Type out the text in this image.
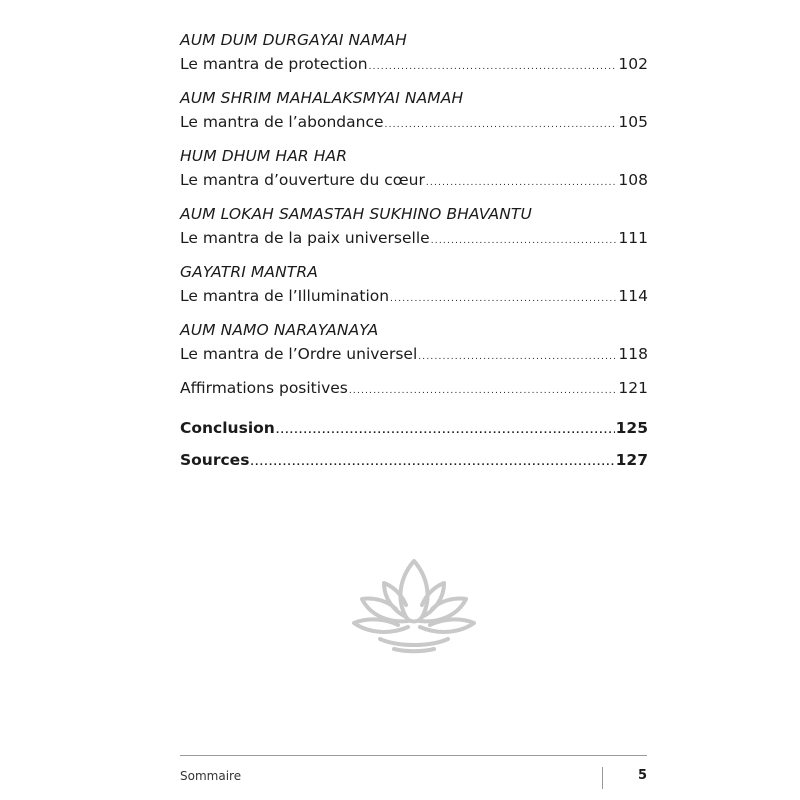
AUM DUM DURGAYAI NAMAH
Le mantra de protection .....	102
AUM SHRIM MAHALAKSMYAI NAMAH
Le mantra de l’abondance .....	105
HUM DHUM HAR HAR
Le mantra d’ouverture du cœur .....	108
AUM LOKAH SAMASTAH SUKHINO BHAVANTU
Le mantra de la paix universelle .....	111
GAYATRI MANTRA
Le mantra de l’Illumination .....	114
AUM NAMO NARAYANAYA
Le mantra de l’Ordre universel .....	118
Affirmations positives .....	121
Conclusion .....	125
Sources .....	127
Sommaire	5
